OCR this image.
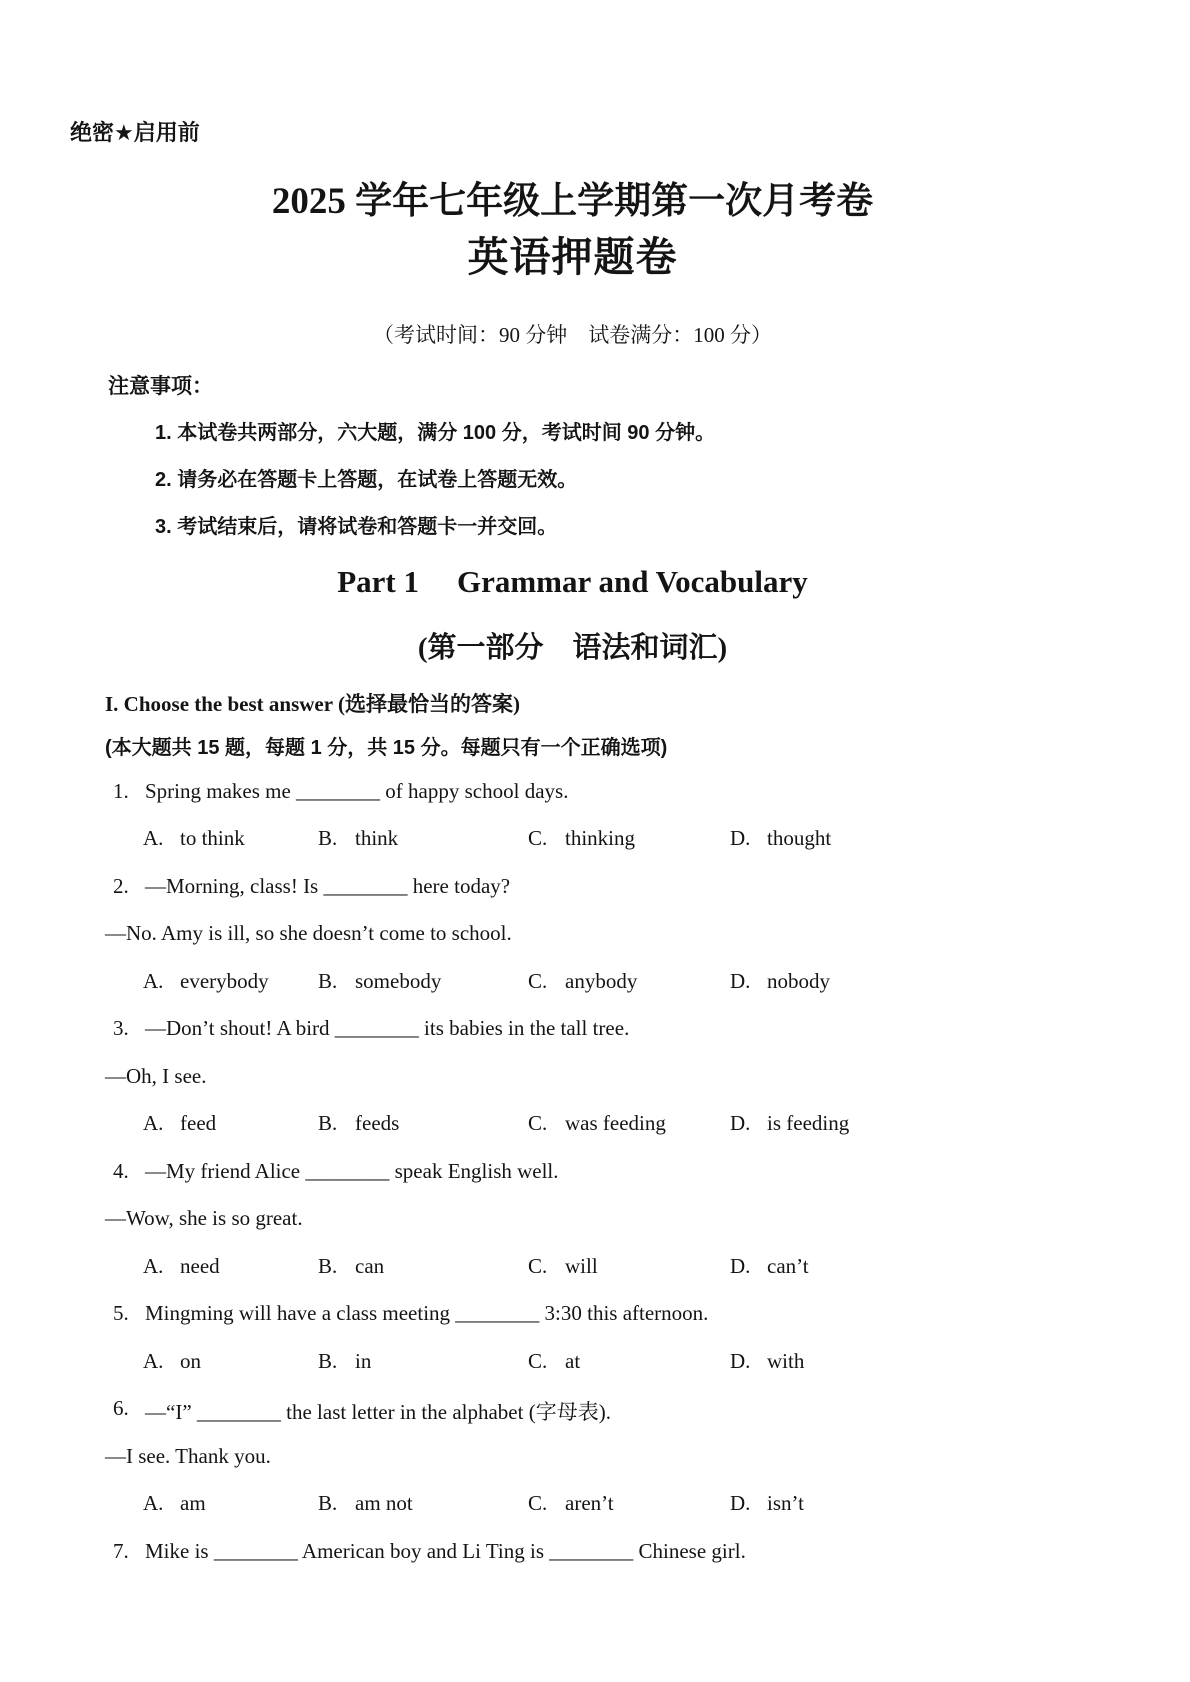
绝密★启用前
2025 学年七年级上学期第一次月考卷
英语押题卷
（考试时间：90 分钟　试卷满分：100 分）
注意事项：
1. 本试卷共两部分，六大题，满分 100 分，考试时间 90 分钟。
2. 请务必在答题卡上答题，在试卷上答题无效。
3. 考试结束后，请将试卷和答题卡一并交回。
Part 1 Grammar and Vocabulary
(第一部分　语法和词汇)
I. Choose the best answer (选择最恰当的答案)
(本大题共 15 题，每题 1 分，共 15 分。每题只有一个正确选项)
1. Spring makes me ________ of happy school days.
A. to think	B. think	C. thinking	D. thought
2. —Morning, class! Is ________ here today?
—No. Amy is ill, so she doesn’t come to school.
A. everybody B. somebody	C. anybody	D. nobody
3. —Don’t shout! A bird ________ its babies in the tall tree.
—Oh, I see.
A. feed	B. feeds	C. was feeding	D. is feeding
4. —My friend Alice ________ speak English well.
—Wow, she is so great.
A. need	B. can	C. will	D. can’t
5. Mingming will have a class meeting ________ 3:30 this afternoon.
A. on	B. in	C. at	D. with
6. —“I” ________ the last letter in the alphabet (字母表).
—I see. Thank you.
A. am	B. am not	C. aren’t	D. isn’t
7. Mike is ________ American boy and Li Ting is ________ Chinese girl.
